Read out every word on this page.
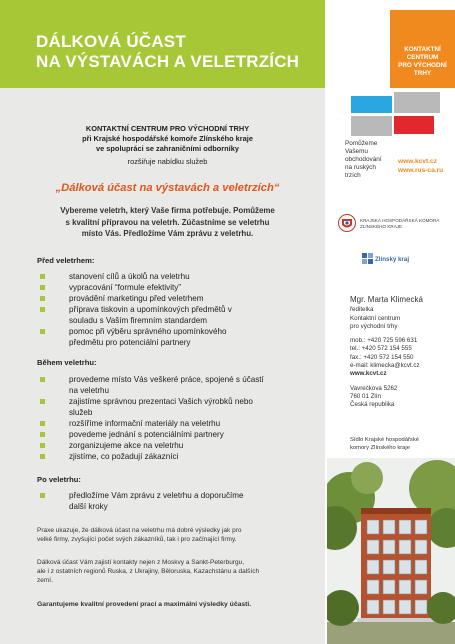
DÁLKOVÁ ÚČAST
NA VÝSTAVÁCH A VELETRZÍCH
KONTAKTNÍ
CENTRUM
PRO VÝCHODNÍ
TRHY
Pomůžeme
Vašemu
obchodování
na ruských
trzích
www.kcvt.cz
www.rus-ca.ru
KRAJSKÁ HOSPODÁŘSKÁ KOMORA
ZLÍNSKÉHO KRAJE
Zlínský kraj
Mgr. Marta Klimecká
ředitelka
Kontaktní centrum
pro východní trhy
mob.: +420 725 596 631
tel.: +420 572 154 555
fax.: +420 572 154 550
e-mail: klimecka@kcvt.cz
www.kcvt.cz
Vavrečkova 5262
760 01 Zlín
Česká republika
Sídlo Krajské hospodářské
komory Zlínského kraje
KONTAKTNÍ CENTRUM PRO VÝCHODNÍ TRHY
při Krajské hospodářské komoře Zlínského kraje
ve spolupráci se zahraničními odborníky
rozšiřuje nabídku služeb
„Dálková účast na výstavách a veletrzích“
Vybereme veletrh, který Vaše firma potřebuje. Pomůžeme
s kvalitní přípravou na veletrh. Zúčastníme se veletrhu
místo Vás. Předložíme Vám zprávu z veletrhu.
Před veletrhem:
stanovení cílů a úkolů na veletrhu
vypracování “formule efektivity”
provádění marketingu před veletrhem
příprava tiskovin a upomínkových předmětů v
souladu s Vaším firemním standardem
pomoc při výběru správného upomínkového
předmětu pro potenciální partnery
Během veletrhu:
provedeme místo Vás veškeré práce, spojené s účastí
na veletrhu
zajistíme správnou prezentaci Vašich výrobků nebo
služeb
rozšíříme informační materiály na veletrhu
povedeme jednání s potenciálními partnery
zorganizujeme akce na veletrhu
zjistíme, co požadují zákazníci
Po veletrhu:
předložíme Vám zprávu z veletrhu a doporučíme
další kroky
Praxe ukazuje, že dálková účast na veletrhu má dobré výsledky jak pro
velké firmy, zvyšující počet svých zákazníků, tak i pro začínající firmy.
Dálková účast Vám zajistí kontakty nejen z Moskvy a Sankt-Peterburgu,
ale i z ostatních regionů Ruska, z Ukrajiny, Běloruska, Kazachstánu a dalších
zemí.
Garantujeme kvalitní provedení prací a maximální výsledky účasti.
